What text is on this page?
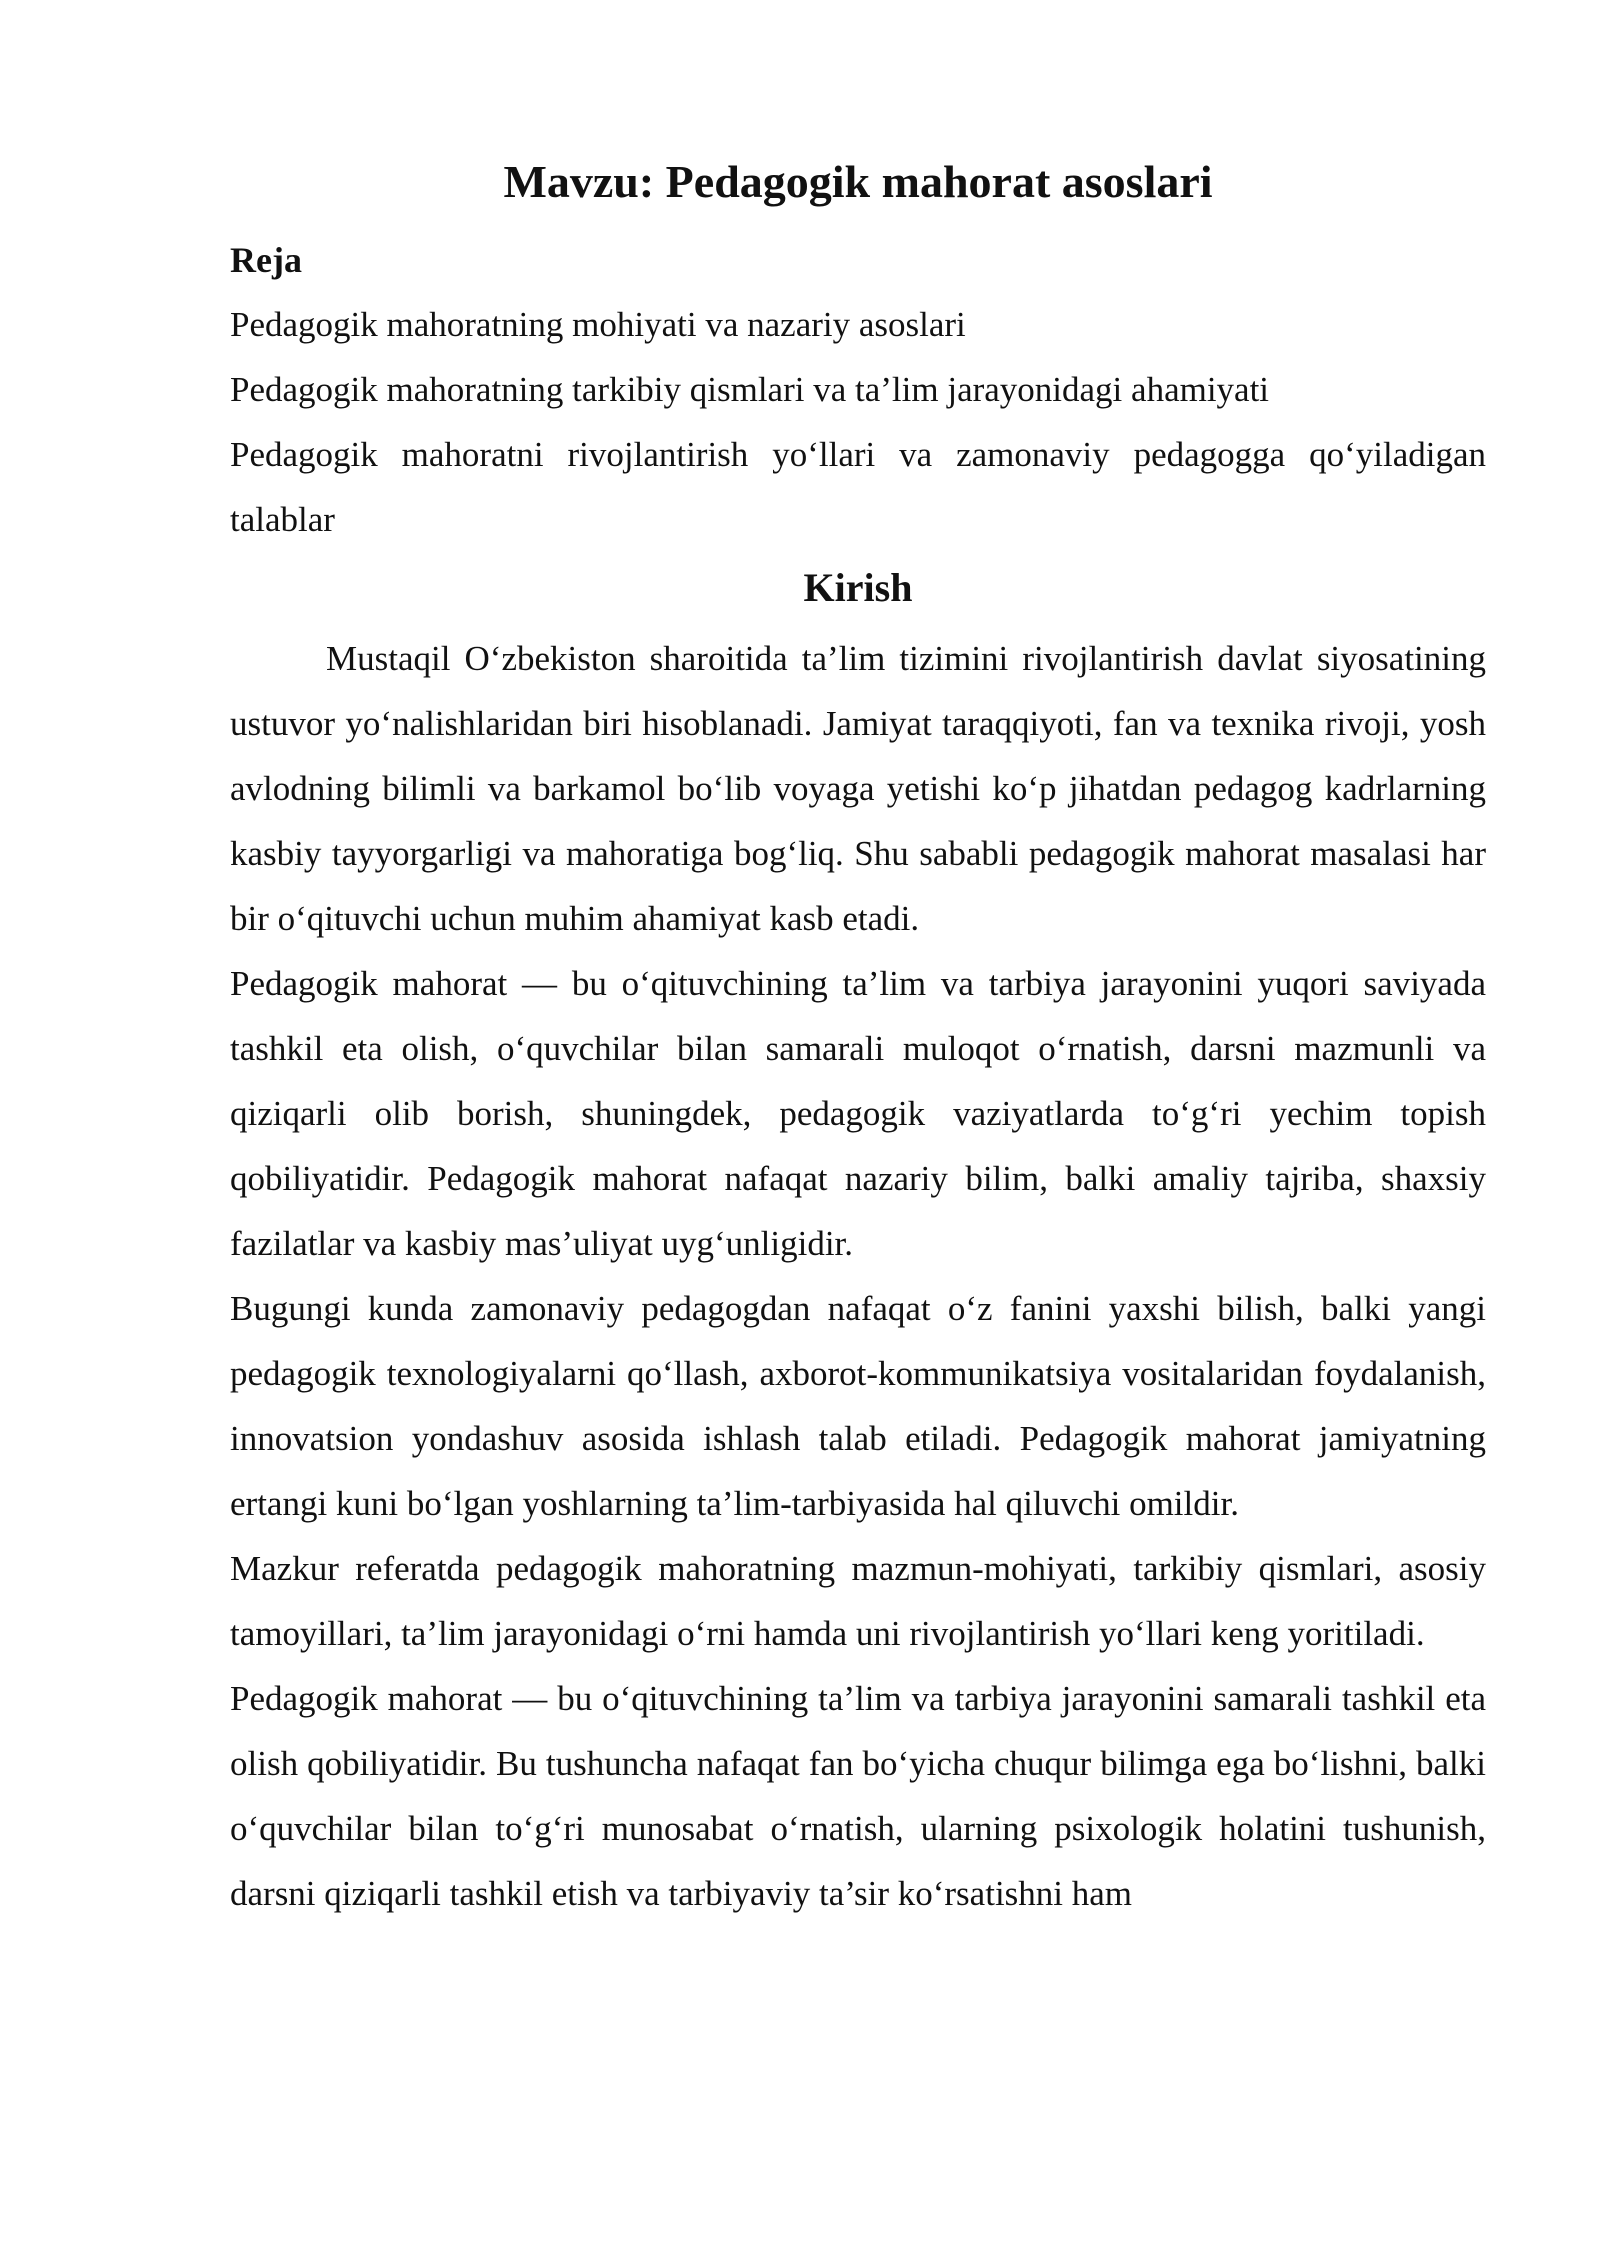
Mavzu: Pedagogik mahorat asoslari
Reja
Pedagogik mahoratning mohiyati va nazariy asoslari
Pedagogik mahoratning tarkibiy qismlari va ta’lim jarayonidagi ahamiyati
Pedagogik mahoratni rivojlantirish yo‘llari va zamonaviy pedagogga qo‘yiladigan talablar
Kirish

Mustaqil O‘zbekiston sharoitida ta’lim tizimini rivojlantirish davlat siyosatining ustuvor yo‘nalishlaridan biri hisoblanadi. Jamiyat taraqqiyoti, fan va texnika rivoji, yosh avlodning bilimli va barkamol bo‘lib voyaga yetishi ko‘p jihatdan pedagog kadrlarning kasbiy tayyorgarligi va mahoratiga bog‘liq. Shu sababli pedagogik mahorat masalasi har bir o‘qituvchi uchun muhim ahamiyat kasb etadi.

Pedagogik mahorat — bu o‘qituvchining ta’lim va tarbiya jarayonini yuqori saviyada tashkil eta olish, o‘quvchilar bilan samarali muloqot o‘rnatish, darsni mazmunli va qiziqarli olib borish, shuningdek, pedagogik vaziyatlarda to‘g‘ri yechim topish qobiliyatidir. Pedagogik mahorat nafaqat nazariy bilim, balki amaliy tajriba, shaxsiy fazilatlar va kasbiy mas’uliyat uyg‘unligidir.

Bugungi kunda zamonaviy pedagogdan nafaqat o‘z fanini yaxshi bilish, balki yangi pedagogik texnologiyalarni qo‘llash, axborot-kommunikatsiya vositalaridan foydalanish, innovatsion yondashuv asosida ishlash talab etiladi. Pedagogik mahorat jamiyatning ertangi kuni bo‘lgan yoshlarning ta’lim-tarbiyasida hal qiluvchi omildir.

Mazkur referatda pedagogik mahoratning mazmun-mohiyati, tarkibiy qismlari, asosiy tamoyillari, ta’lim jarayonidagi o‘rni hamda uni rivojlantirish yo‘llari keng yoritiladi.

Pedagogik mahorat — bu o‘qituvchining ta’lim va tarbiya jarayonini samarali tashkil eta olish qobiliyatidir. Bu tushuncha nafaqat fan bo‘yicha chuqur bilimga ega bo‘lishni, balki o‘quvchilar bilan to‘g‘ri munosabat o‘rnatish, ularning psixologik holatini tushunish, darsni qiziqarli tashkil etish va tarbiyaviy ta’sir ko‘rsatishni ham
